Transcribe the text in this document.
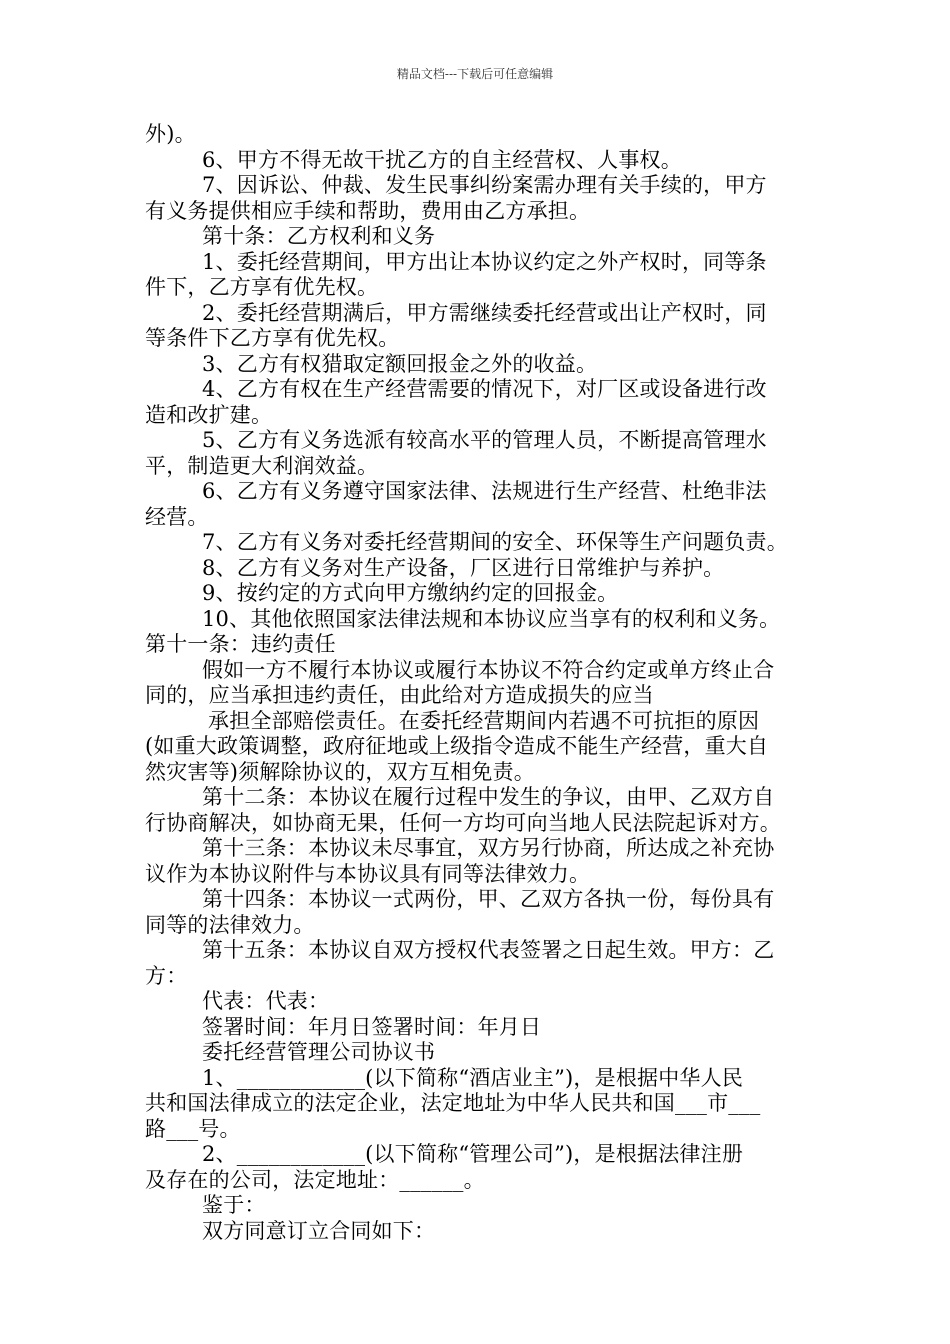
精品文档---下载后可任意编辑
外)。
6、甲方不得无故干扰乙方的自主经营权、人事权。
7、因诉讼、仲裁、发生民事纠纷案需办理有关手续的，甲方
有义务提供相应手续和帮助，费用由乙方承担。
第十条：乙方权利和义务
1、委托经营期间，甲方出让本协议约定之外产权时，同等条
件下，乙方享有优先权。
2、委托经营期满后，甲方需继续委托经营或出让产权时，同
等条件下乙方享有优先权。
3、乙方有权猎取定额回报金之外的收益。
4、乙方有权在生产经营需要的情况下，对厂区或设备进行改
造和改扩建。
5、乙方有义务选派有较高水平的管理人员，不断提高管理水
平，制造更大利润效益。
6、乙方有义务遵守国家法律、法规进行生产经营、杜绝非法
经营。
7、乙方有义务对委托经营期间的安全、环保等生产问题负责。
8、乙方有义务对生产设备，厂区进行日常维护与养护。
9、按约定的方式向甲方缴纳约定的回报金。
10、其他依照国家法律法规和本协议应当享有的权利和义务。
第十一条：违约责任
假如一方不履行本协议或履行本协议不符合约定或单方终止合
同的，应当承担违约责任，由此给对方造成损失的应当
承担全部赔偿责任。在委托经营期间内若遇不可抗拒的原因
(如重大政策调整，政府征地或上级指令造成不能生产经营，重大自
然灾害等)须解除协议的，双方互相免责。
第十二条：本协议在履行过程中发生的争议，由甲、乙双方自
行协商解决，如协商无果，任何一方均可向当地人民法院起诉对方。
第十三条：本协议未尽事宜，双方另行协商，所达成之补充协
议作为本协议附件与本协议具有同等法律效力。
第十四条：本协议一式两份，甲、乙双方各执一份，每份具有
同等的法律效力。
第十五条：本协议自双方授权代表签署之日起生效。甲方：乙
方：
代表：代表：
签署时间：年月日签署时间：年月日
委托经营管理公司协议书
1、____________(以下简称“酒店业主”)，是根据中华人民
共和国法律成立的法定企业，法定地址为中华人民共和国___市___
路___号。
2、____________(以下简称“管理公司”)，是根据法律注册
及存在的公司，法定地址：______。
鉴于：
双方同意订立合同如下：
